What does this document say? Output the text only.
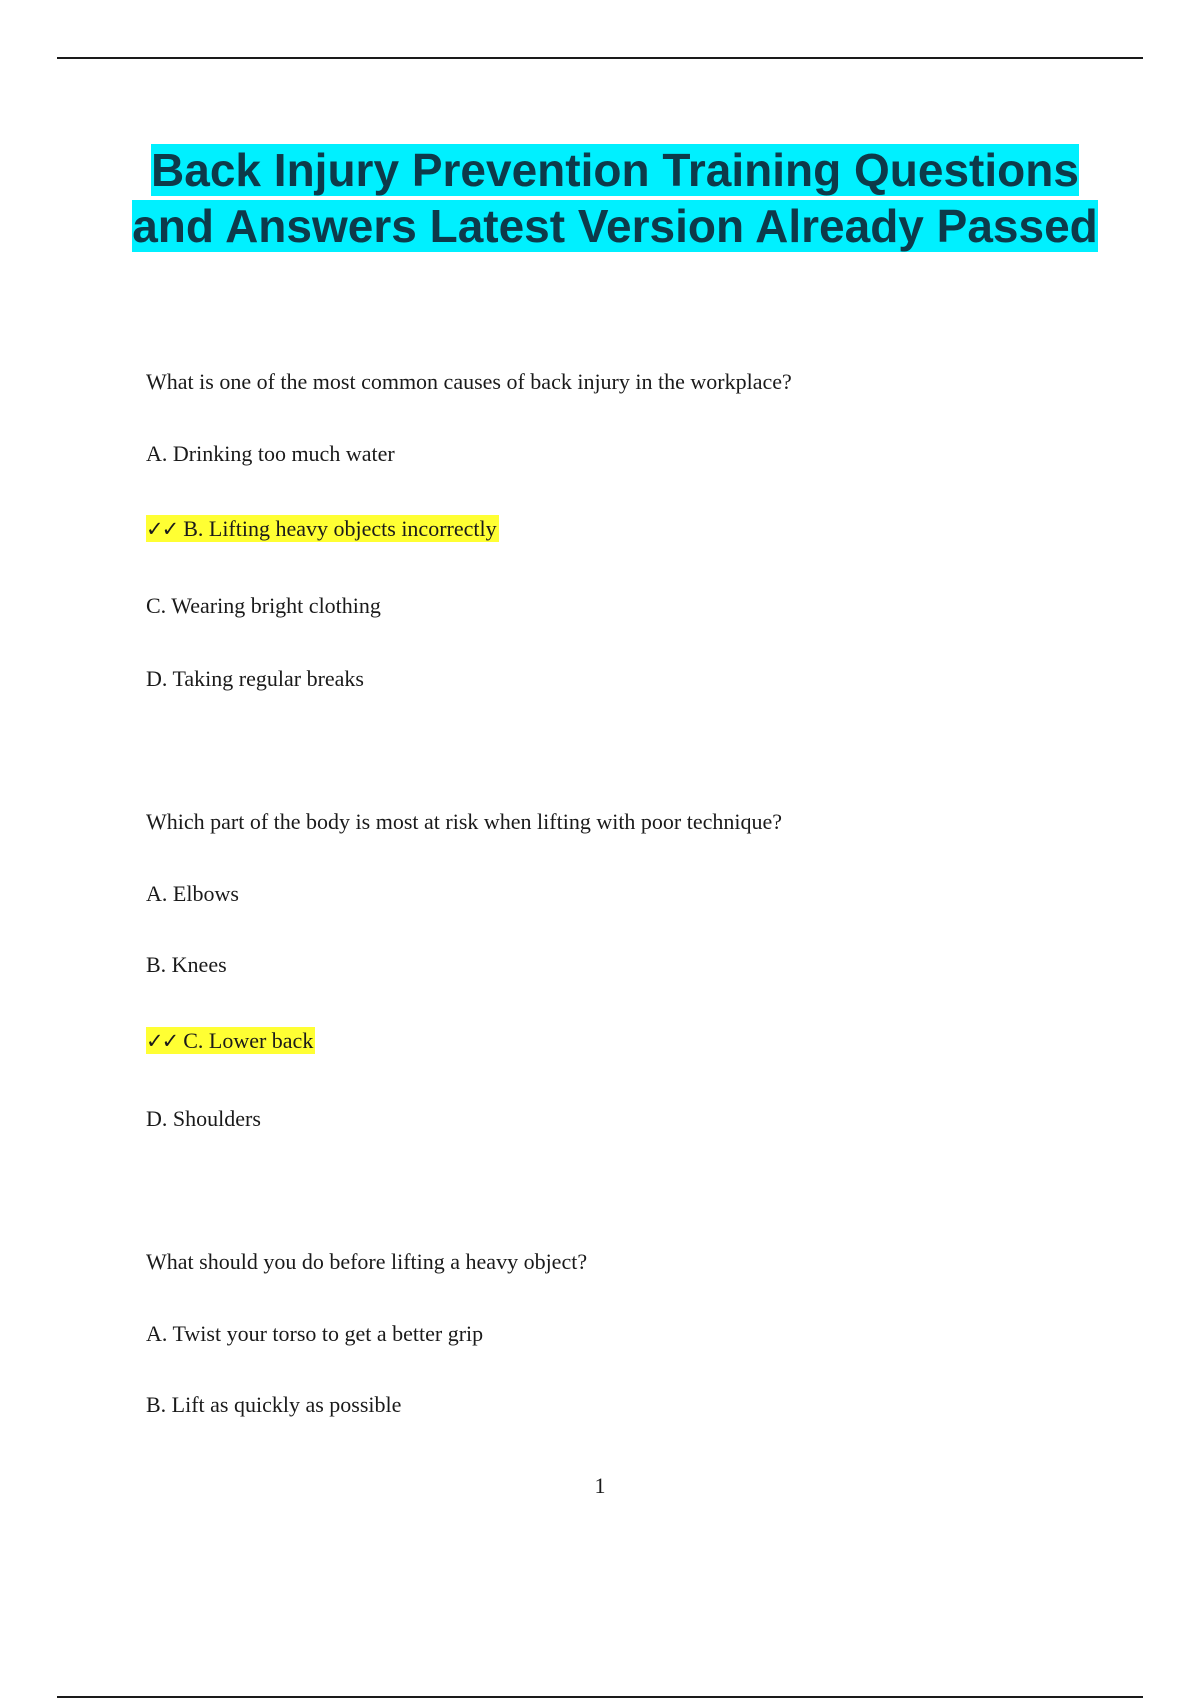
Back Injury Prevention Training Questions and Answers Latest Version Already Passed
What is one of the most common causes of back injury in the workplace?
A. Drinking too much water
✓✓ B. Lifting heavy objects incorrectly
C. Wearing bright clothing
D. Taking regular breaks
Which part of the body is most at risk when lifting with poor technique?
A. Elbows
B. Knees
✓✓ C. Lower back
D. Shoulders
What should you do before lifting a heavy object?
A. Twist your torso to get a better grip
B. Lift as quickly as possible
1
